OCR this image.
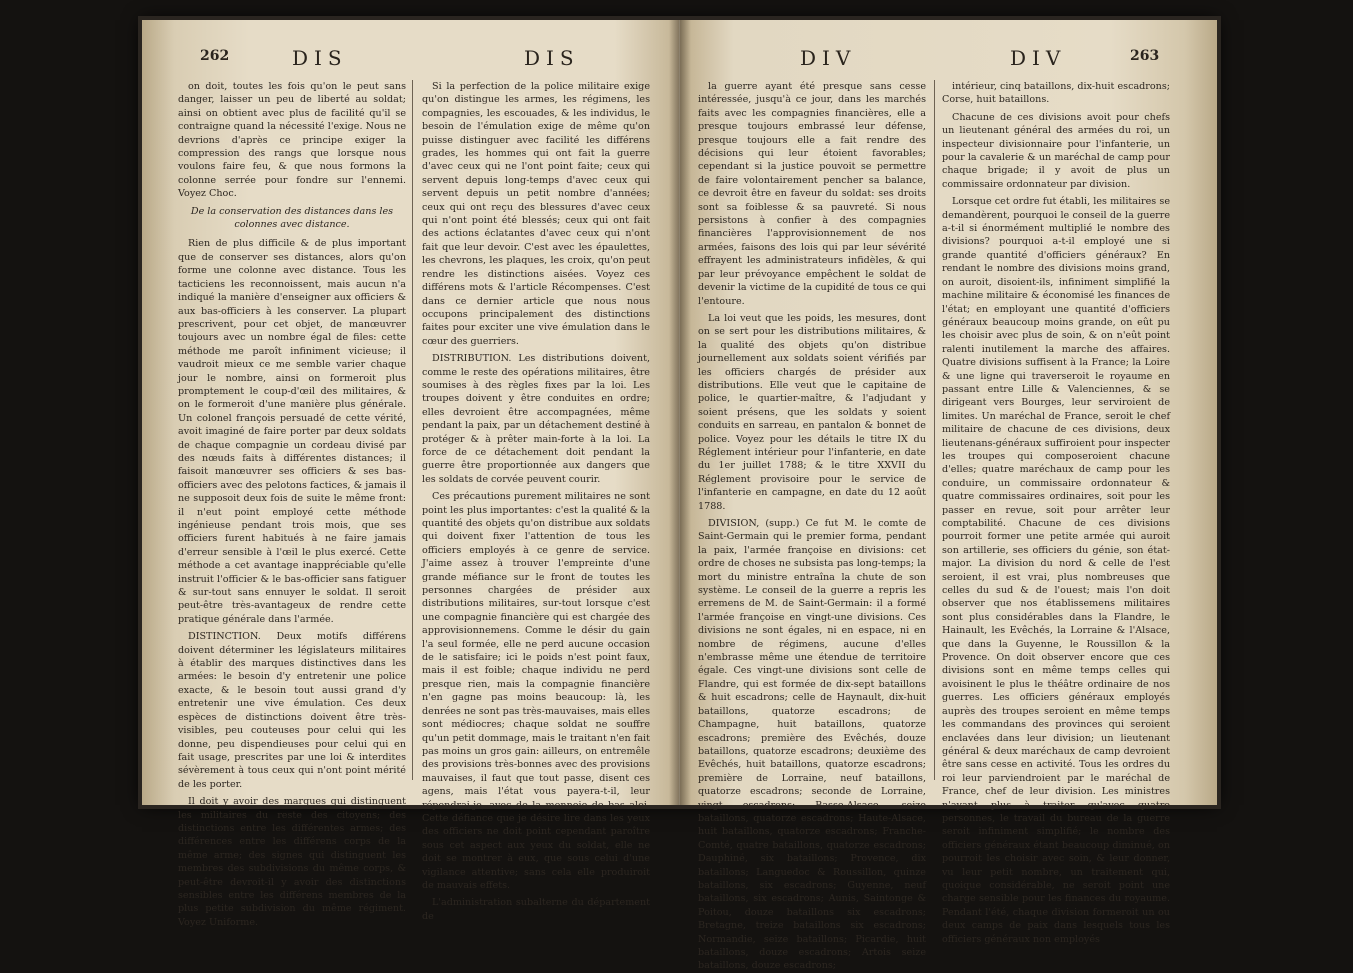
262	DIS	DIS

on doit, toutes les fois qu'on le peut sans danger, laisser un peu de liberté au soldat; ainsi on obtient avec plus de facilité qu'il se contraigne quand la nécessité l'exige. Nous ne devrions d'après ce principe exiger la compression des rangs que lorsque nous voulons faire feu, & que nous formons la colonne serrée pour fondre sur l'ennemi. Voyez Choc.

De la conservation des distances dans les colonnes avec distance.

Rien de plus difficile & de plus important que de conserver ses distances, alors qu'on forme une colonne avec distance. Tous les tacticiens les reconnoissent, mais aucun n'a indiqué la manière d'enseigner aux officiers & aux bas-officiers à les conserver. La plupart prescrivent, pour cet objet, de manœuvrer toujours avec un nombre égal de files: cette méthode me paroît infiniment vicieuse; il vaudroit mieux ce me semble varier chaque jour le nombre, ainsi on formeroit plus promptement le coup-d'œil des militaires, & on le formeroit d'une manière plus générale. Un colonel françois persuadé de cette vérité, avoit imaginé de faire porter par deux soldats de chaque compagnie un cordeau divisé par des nœuds faits à différentes distances; il faisoit manœuvrer ses officiers & ses bas-officiers avec des pelotons factices, & jamais il ne supposoit deux fois de suite le même front: il n'eut point employé cette méthode ingénieuse pendant trois mois, que ses officiers furent habitués à ne faire jamais d'erreur sensible à l'œil le plus exercé. Cette méthode a cet avantage inappréciable qu'elle instruit l'officier & le bas-officier sans fatiguer & sur-tout sans ennuyer le soldat. Il seroit peut-être très-avantageux de rendre cette pratique générale dans l'armée.

DISTINCTION. Deux motifs différens doivent déterminer les législateurs militaires à établir des marques distinctives dans les armées: le besoin d'y entretenir une police exacte, & le besoin tout aussi grand d'y entretenir une vive émulation. Ces deux espèces de distinctions doivent être très-visibles, peu couteuses pour celui qui les donne, peu dispendieuses pour celui qui en fait usage, prescrites par une loi & interdites sévèrement à tous ceux qui n'ont point mérité de les porter.

Il doit y avoir des marques qui distinguent les militaires du reste des citoyens; des distinctions entre les différentes armes; des différences entre les différens corps de la même arme; des signes qui distinguent les membres des subdivisions du même corps, & peut-être devroit-il y avoir des distinctions sensibles entre les différens membres de la plus petite subdivision du même régiment. Voyez Uniforme.

Si la perfection de la police militaire exige qu'on distingue les armes, les régimens, les compagnies, les escouades, & les individus, le besoin de l'émulation exige de même qu'on puisse distinguer avec facilité les différens grades, les hommes qui ont fait la guerre d'avec ceux qui ne l'ont point faite; ceux qui servent depuis long-temps d'avec ceux qui servent depuis un petit nombre d'années; ceux qui ont reçu des blessures d'avec ceux qui n'ont point été blessés; ceux qui ont fait des actions éclatantes d'avec ceux qui n'ont fait que leur devoir. C'est avec les épaulettes, les chevrons, les plaques, les croix, qu'on peut rendre les distinctions aisées. Voyez ces différens mots & l'article Récompenses. C'est dans ce dernier article que nous nous occupons principalement des distinctions faites pour exciter une vive émulation dans le cœur des guerriers.

DISTRIBUTION. Les distributions doivent, comme le reste des opérations militaires, être soumises à des règles fixes par la loi. Les troupes doivent y être conduites en ordre; elles devroient être accompagnées, même pendant la paix, par un détachement destiné à protéger & à prêter main-forte à la loi. La force de ce détachement doit pendant la guerre être proportionnée aux dangers que les soldats de corvée peuvent courir.

Ces précautions purement militaires ne sont point les plus importantes: c'est la qualité & la quantité des objets qu'on distribue aux soldats qui doivent fixer l'attention de tous les officiers employés à ce genre de service. J'aime assez à trouver l'empreinte d'une grande méfiance sur le front de toutes les personnes chargées de présider aux distributions militaires, sur-tout lorsque c'est une compagnie financière qui est chargée des approvisionnemens. Comme le désir du gain l'a seul formée, elle ne perd aucune occasion de le satisfaire; ici le poids n'est point faux, mais il est foible; chaque individu ne perd presque rien, mais la compagnie financière n'en gagne pas moins beaucoup: là, les denrées ne sont pas très-mauvaises, mais elles sont médiocres; chaque soldat ne souffre qu'un petit dommage, mais le traitant n'en fait pas moins un gros gain: ailleurs, on entremêle des provisions très-bonnes avec des provisions mauvaises, il faut que tout passe, disent ces agens, mais l'état vous payera-t-il, leur répondrai-je, avec de la monnoie de bas aloi. Cette défiance que je désire lire dans les yeux des officiers ne doit point cependant paroître sous cet aspect aux yeux du soldat, elle ne doit se montrer à eux, que sous celui d'une vigilance attentive; sans cela elle produiroit de mauvais effets.

L'administration subalterne du département de

DIV	DIV	263

la guerre ayant été presque sans cesse intéressée, jusqu'à ce jour, dans les marchés faits avec les compagnies financières, elle a presque toujours embrassé leur défense, presque toujours elle a fait rendre des décisions qui leur étoient favorables; cependant si la justice pouvoit se permettre de faire volontairement pencher sa balance, ce devroit être en faveur du soldat: ses droits sont sa foiblesse & sa pauvreté. Si nous persistons à confier à des compagnies financières l'approvisionnement de nos armées, faisons des lois qui par leur sévérité effrayent les administrateurs infidèles, & qui par leur prévoyance empêchent le soldat de devenir la victime de la cupidité de tous ce qui l'entoure.

La loi veut que les poids, les mesures, dont on se sert pour les distributions militaires, & la qualité des objets qu'on distribue journellement aux soldats soient vérifiés par les officiers chargés de présider aux distributions. Elle veut que le capitaine de police, le quartier-maître, & l'adjudant y soient présens, que les soldats y soient conduits en sarreau, en pantalon & bonnet de police. Voyez pour les détails le titre IX du Réglement intérieur pour l'infanterie, en date du 1er juillet 1788; & le titre XXVII du Réglement provisoire pour le service de l'infanterie en campagne, en date du 12 août 1788.

DIVISION, (supp.) Ce fut M. le comte de Saint-Germain qui le premier forma, pendant la paix, l'armée françoise en divisions: cet ordre de choses ne subsista pas long-temps; la mort du ministre entraîna la chute de son système. Le conseil de la guerre a repris les erremens de M. de Saint-Germain: il a formé l'armée françoise en vingt-une divisions. Ces divisions ne sont égales, ni en espace, ni en nombre de régimens, aucune d'elles n'embrasse même une étendue de territoire égale. Ces vingt-une divisions sont celle de Flandre, qui est formée de dix-sept bataillons & huit escadrons; celle de Haynault, dix-huit bataillons, quatorze escadrons; de Champagne, huit bataillons, quatorze escadrons; première des Evêchés, douze bataillons, quatorze escadrons; deuxième des Evêchés, huit bataillons, quatorze escadrons; première de Lorraine, neuf bataillons, quatorze escadrons; seconde de Lorraine, vingt escadrons; Basse-Alsace, seize bataillons, quatorze escadrons; Haute-Alsace, huit bataillons, quatorze escadrons; Franche-Comté, quatre bataillons, quatorze escadrons; Dauphiné, six bataillons; Provence, dix bataillons; Languedoc & Roussillon, quinze bataillons, six escadrons; Guyenne, neuf bataillons, six escadrons; Aunis, Saintonge & Poitou, douze bataillons six escadrons; Bretagne, treize bataillons six escadrons; Normandie, seize bataillons; Picardie, huit bataillons, douze escadrons; Artois seize bataillons, douze escadrons;

intérieur, cinq bataillons, dix-huit escadrons; Corse, huit bataillons.

Chacune de ces divisions avoit pour chefs un lieutenant général des armées du roi, un inspecteur divisionnaire pour l'infanterie, un pour la cavalerie & un maréchal de camp pour chaque brigade; il y avoit de plus un commissaire ordonnateur par division.

Lorsque cet ordre fut établi, les militaires se demandèrent, pourquoi le conseil de la guerre a-t-il si énormément multiplié le nombre des divisions? pourquoi a-t-il employé une si grande quantité d'officiers généraux? En rendant le nombre des divisions moins grand, on auroit, disoient-ils, infiniment simplifié la machine militaire & économisé les finances de l'état; en employant une quantité d'officiers généraux beaucoup moins grande, on eût pu les choisir avec plus de soin, & on n'eût point ralenti inutilement la marche des affaires. Quatre divisions suffisent à la France; la Loire & une ligne qui traverseroit le royaume en passant entre Lille & Valenciennes, & se dirigeant vers Bourges, leur serviroient de limites. Un maréchal de France, seroit le chef militaire de chacune de ces divisions, deux lieutenans-généraux suffiroient pour inspecter les troupes qui composeroient chacune d'elles; quatre maréchaux de camp pour les conduire, un commissaire ordonnateur & quatre commissaires ordinaires, soit pour les passer en revue, soit pour arrêter leur comptabilité. Chacune de ces divisions pourroit former une petite armée qui auroit son artillerie, ses officiers du génie, son état-major. La division du nord & celle de l'est seroient, il est vrai, plus nombreuses que celles du sud & de l'ouest; mais l'on doit observer que nos établissemens militaires sont plus considérables dans la Flandre, le Hainault, les Evêchés, la Lorraine & l'Alsace, que dans la Guyenne, le Roussillon & la Provence. On doit observer encore que ces divisions sont en même temps celles qui avoisinent le plus le théâtre ordinaire de nos guerres. Les officiers généraux employés auprès des troupes seroient en même temps les commandans des provinces qui seroient enclavées dans leur division; un lieutenant général & deux maréchaux de camp devroient être sans cesse en activité. Tous les ordres du roi leur parviendroient par le maréchal de France, chef de leur division. Les ministres n'ayant plus à traiter qu'avec quatre personnes, le travail du bureau de la guerre seroit infiniment simplifié; le nombre des officiers généraux étant beaucoup diminué, on pourroit les choisir avec soin, & leur donner, vu leur petit nombre, un traitement qui, quoique considérable, ne seroit point une charge sensible pour les finances du royaume. Pendant l'été, chaque division formeroit un ou deux camps de paix dans lesquels tous les officiers généraux non employés
